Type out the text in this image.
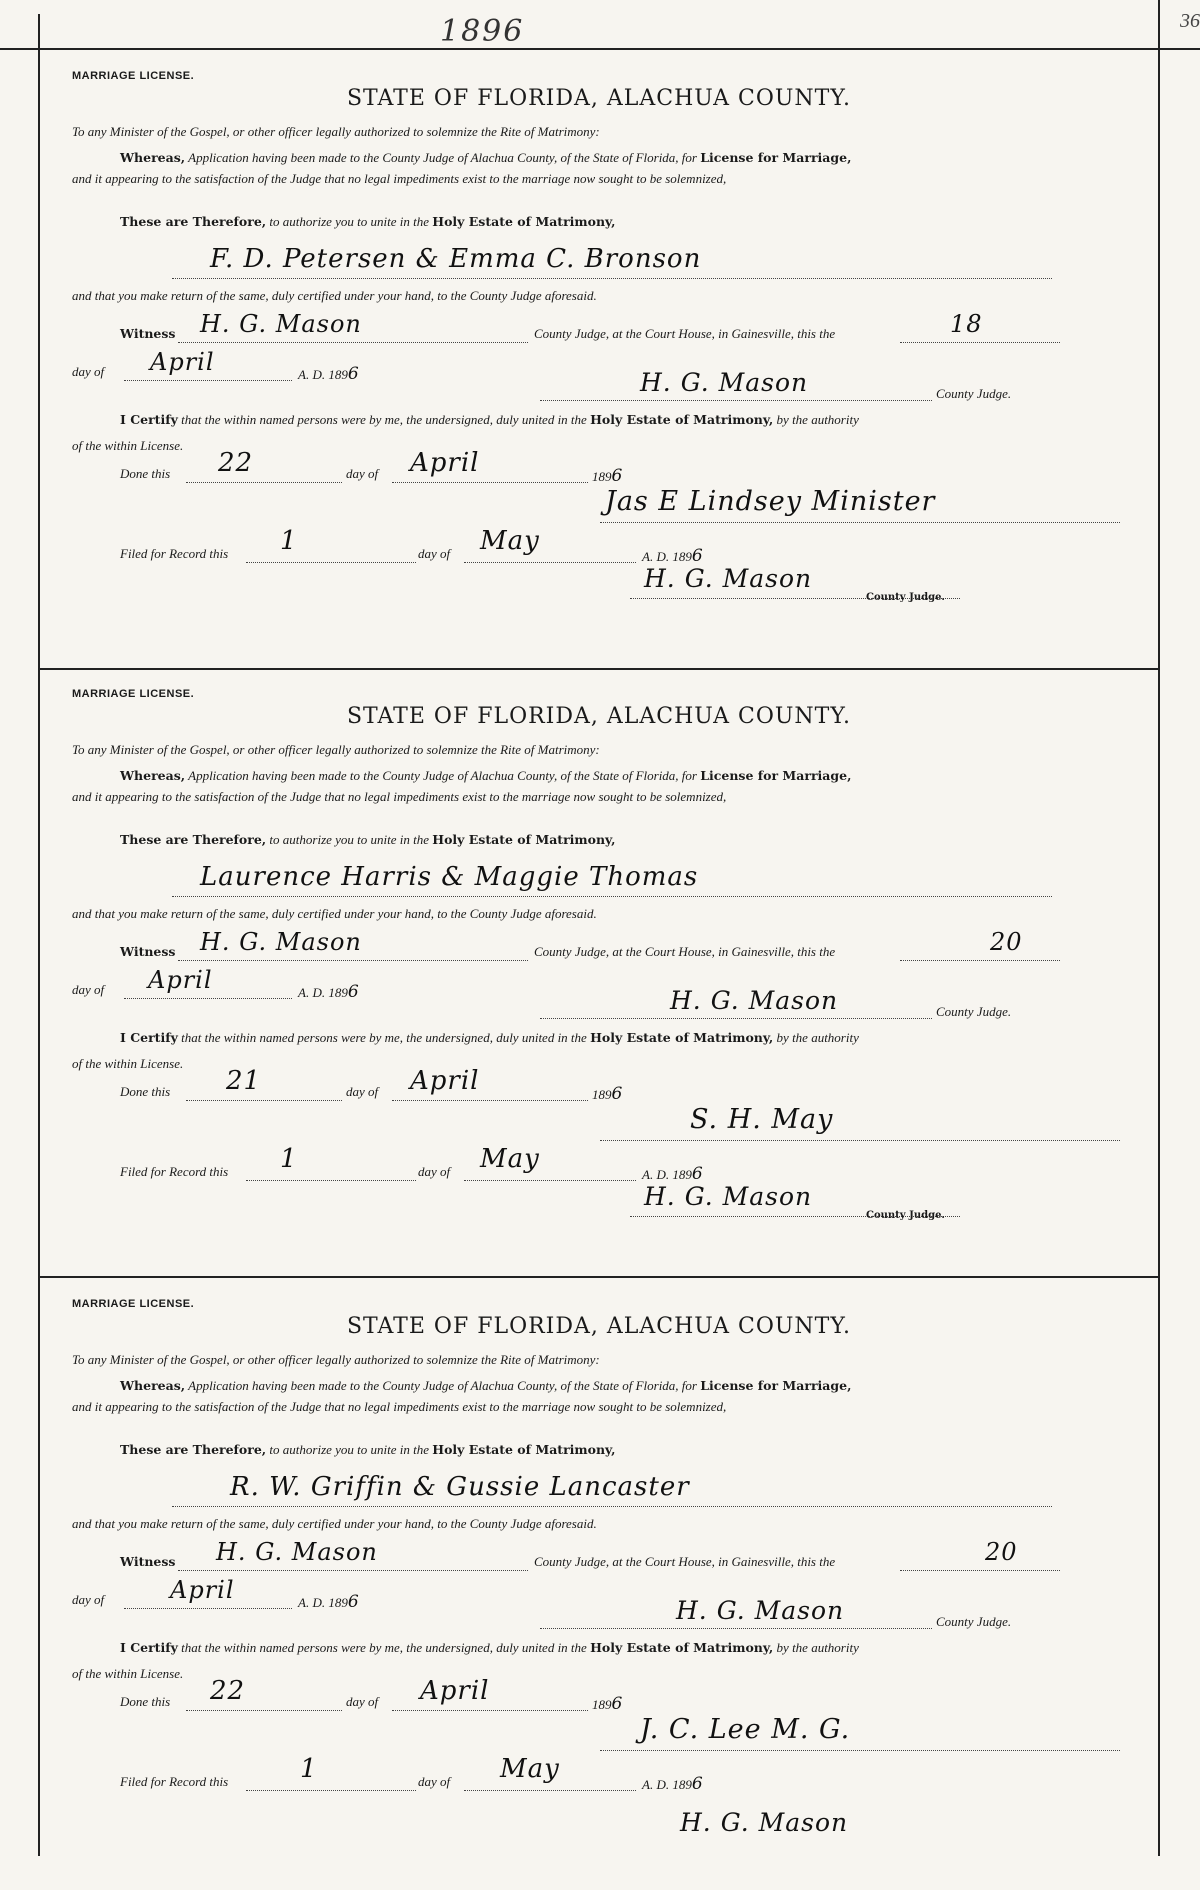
1896	36
MARRIAGE LICENSE.
STATE OF FLORIDA, ALACHUA COUNTY.
To any Minister of the Gospel, or other officer legally authorized to solemnize the Rite of Matrimony:
Whereas, Application having been made to the County Judge of Alachua County, of the State of Florida, for License for Marriage,
and it appearing to the satisfaction of the Judge that no legal impediments exist to the marriage now sought to be solemnized,
These are Therefore, to authorize you to unite in the Holy Estate of Matrimony,
F. D. Petersen & Emma C. Bronson
and that you make return of the same, duly certified under your hand, to the County Judge aforesaid.
Witness H. G. Mason	County Judge, at the Court House, in Gainesville, this the	18
day of April	A. D. 1896	H. G. Mason	County Judge.
I Certify that the within named persons were by me, the undersigned, duly united in the Holy Estate of Matrimony, by the authority
of the within License.
Done this 22	day of April	1896
Jas E Lindsey Minister
Filed for Record this 1	day of May
A. D. 1896
H. G. Mason
County Judge.
MARRIAGE LICENSE.
STATE OF FLORIDA, ALACHUA COUNTY.
To any Minister of the Gospel, or other officer legally authorized to solemnize the Rite of Matrimony:
Whereas, Application having been made to the County Judge of Alachua County, of the State of Florida, for License for Marriage,
and it appearing to the satisfaction of the Judge that no legal impediments exist to the marriage now sought to be solemnized,
These are Therefore, to authorize you to unite in the Holy Estate of Matrimony,
Laurence Harris & Maggie Thomas
and that you make return of the same, duly certified under your hand, to the County Judge aforesaid.
Witness H. G. Mason	County Judge, at the Court House, in Gainesville, this the	20
day of April	A. D. 1896	H. G. Mason	County Judge.
I Certify that the within named persons were by me, the undersigned, duly united in the Holy Estate of Matrimony, by the authority
of the within License.
Done this 21	day of April	1896
S. H. May
Filed for Record this 1	day of May
A. D. 1896
H. G. Mason
County Judge.
MARRIAGE LICENSE.
STATE OF FLORIDA, ALACHUA COUNTY.
To any Minister of the Gospel, or other officer legally authorized to solemnize the Rite of Matrimony:
Whereas, Application having been made to the County Judge of Alachua County, of the State of Florida, for License for Marriage,
and it appearing to the satisfaction of the Judge that no legal impediments exist to the marriage now sought to be solemnized,
These are Therefore, to authorize you to unite in the Holy Estate of Matrimony,
R. W. Griffin & Gussie Lancaster
and that you make return of the same, duly certified under your hand, to the County Judge aforesaid.
Witness H. G. Mason	County Judge, at the Court House, in Gainesville, this the	20
day of	April	A. D. 1896	H. G. Mason	County Judge.
I Certify that the within named persons were by me, the undersigned, duly united in the Holy Estate of Matrimony, by the authority
of the within License.
Done this 22	day of April	1896
J. C. Lee M. G.
Filed for Record this	1	day of May
A. D. 1896
H. G. Mason
